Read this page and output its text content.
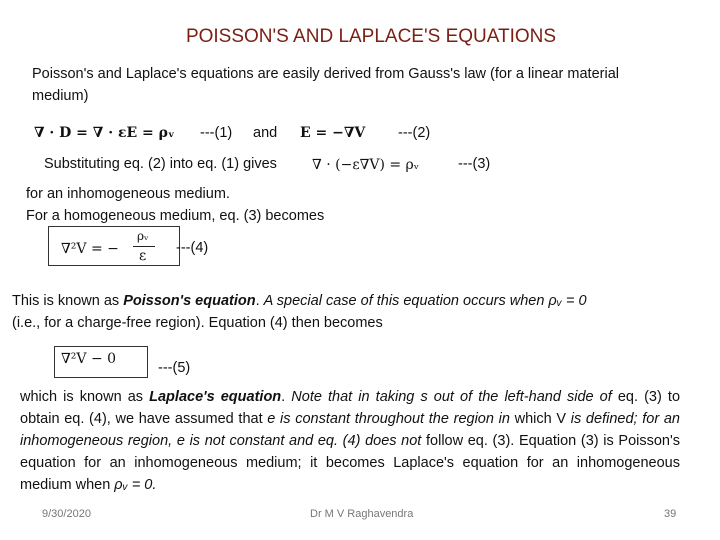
POISSON'S AND LAPLACE'S EQUATIONS
Poisson's and Laplace's equations are easily derived from Gauss's law (for a linear material
medium)
∇ · D = ∇ · εE = ρᵥ ---(1) and E = −∇V ---(2)
Substituting eq. (2) into eq. (1) gives	∇ · (−ε∇V) = ρᵥ	---(3)
for an inhomogeneous medium.
For a homogeneous medium, eq. (3) becomes
∇²V = −
ρᵥ
ε ---(4)
This is known as Poisson's equation. A special case of this equation occurs when ρᵥ = 0
(i.e., for a charge-free region). Equation (4) then becomes
∇²V − 0
---(5)
which is known as Laplace's equation. Note that in taking s out of the left-hand side of eq. (3) to obtain eq. (4), we have assumed that e is constant throughout the region in which V is defined; for an inhomogeneous region, e is not constant and eq. (4) does not follow eq. (3). Equation (3) is Poisson's equation for an inhomogeneous medium; it becomes Laplace's equation for an inhomogeneous medium when ρᵥ = 0.
9/30/2020	Dr M V Raghavendra	39
